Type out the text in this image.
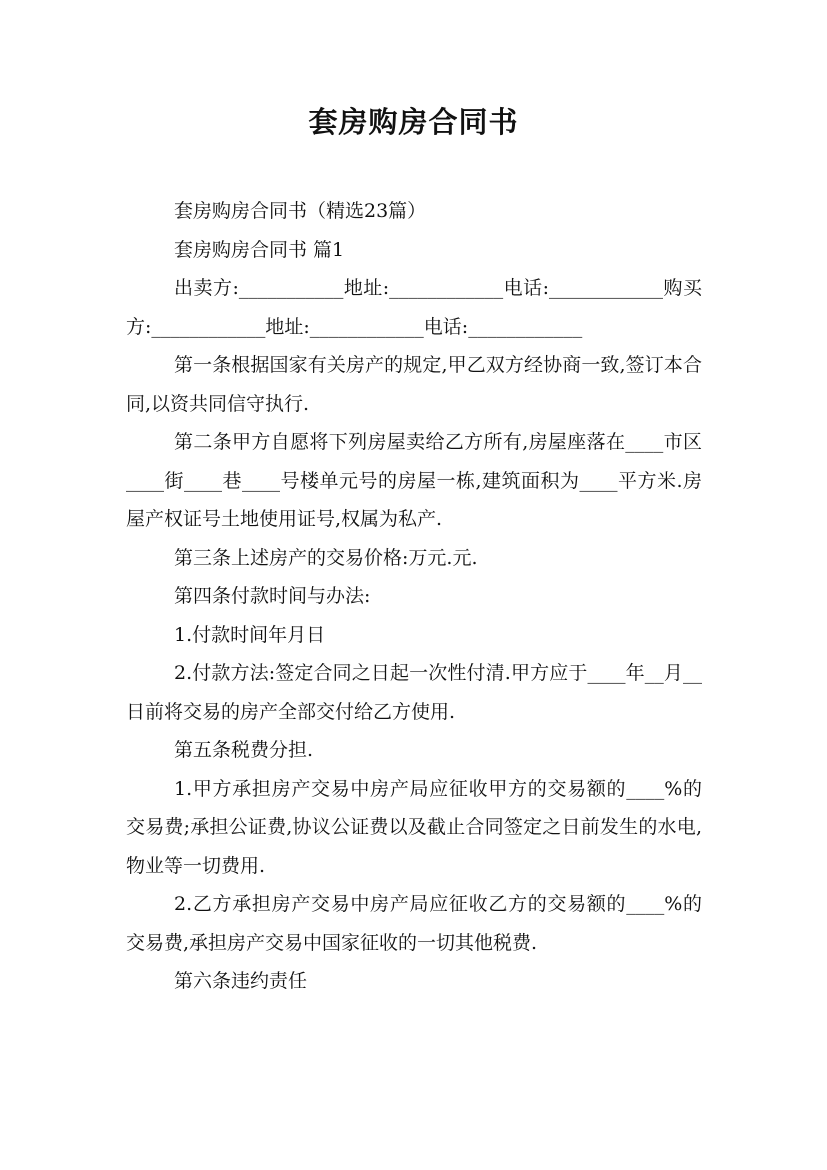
套房购房合同书

套房购房合同书（精选23篇）

套房购房合同书 篇1

出卖方:___________地址:____________电话:____________购买方:____________地址:____________电话:____________

第一条根据国家有关房产的规定,甲乙双方经协商一致,签订本合同,以资共同信守执行.

第二条甲方自愿将下列房屋卖给乙方所有,房屋座落在____市区____街____巷____号楼单元号的房屋一栋,建筑面积为____平方米.房屋产权证号土地使用证号,权属为私产.

第三条上述房产的交易价格:万元.元.

第四条付款时间与办法:

1.付款时间年月日

2.付款方法:签定合同之日起一次性付清.甲方应于____年__月__日前将交易的房产全部交付给乙方使用.

第五条税费分担.

1.甲方承担房产交易中房产局应征收甲方的交易额的____%的交易费;承担公证费,协议公证费以及截止合同签定之日前发生的水电,物业等一切费用.

2.乙方承担房产交易中房产局应征收乙方的交易额的____%的交易费,承担房产交易中国家征收的一切其他税费.

第六条违约责任
